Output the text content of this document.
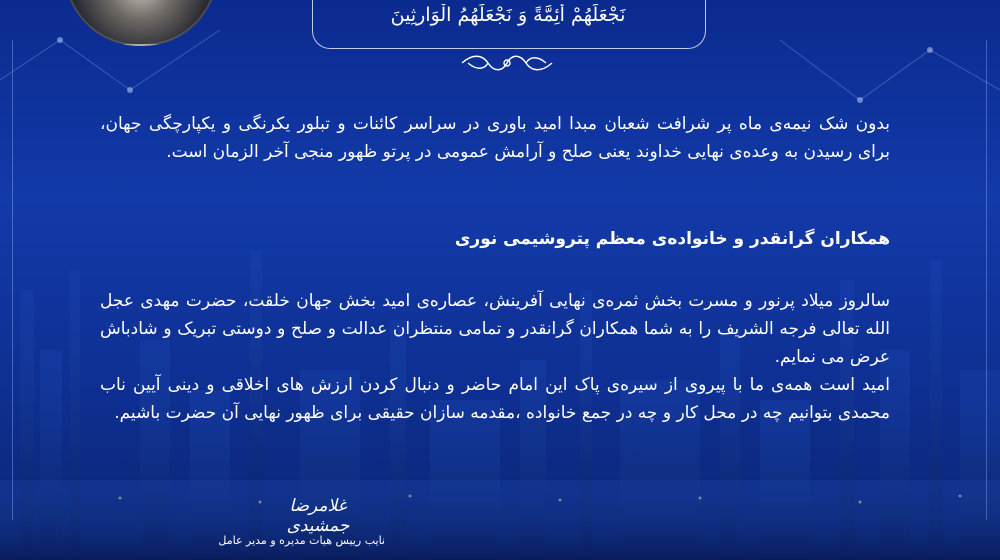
نَجْعَلَهُمْ أَئِمَّةً وَ نَجْعَلَهُمُ الْوَارِثِينَ
بدون شک نیمه‌ی ماه پر شرافت شعبان مبدا امید باوری در سراسر کائنات و تبلور یکرنگی و یکپارچگی جهان، برای رسیدن به وعده‌ی نهایی خداوند یعنی صلح و آرامش عمومی در پرتو ظهور منجی آخر الزمان است.
همکاران گرانقدر و خانواده‌ی معظم پتروشیمی نوری
سالروز میلاد پرنور و مسرت بخش ثمره‌ی نهایی آفرینش، عصاره‌ی امید بخش جهان خلقت، حضرت مهدی عجل الله تعالی فرجه الشریف را به شما همکاران گرانقدر و تمامی منتظران عدالت و صلح و دوستی تبریک و شادباش عرض می نمایم.
امید است همه‌ی ما با پیروی از سیره‌ی پاک این امام حاضر و دنبال کردن ارزش های اخلاقی و دینی آیین ناب محمدی بتوانیم چه در محل کار و چه در جمع خانواده ،مقدمه سازان حقیقی برای ظهور نهایی آن حضرت باشیم.
غلامرضا جمشیدی
نایب رییس هیات مدیره و مدیر عامل
